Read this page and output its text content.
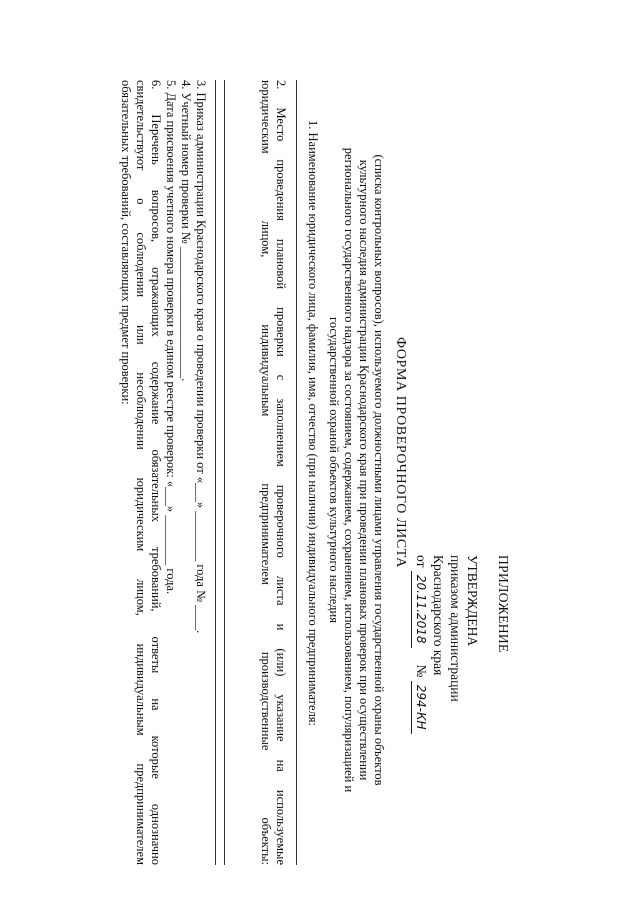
ПРИЛОЖЕНИЕ
УТВЕРЖДЕНА
приказом администрации
Краснодарского края
от 20.11.2018     № 294-КН
ФОРМА ПРОВЕРОЧНОГО ЛИСТА
(списка контрольных вопросов), используемого должностными лицами управления государственной охраны объектов
культурного наследия администрации Краснодарского края при проведении плановых проверок при осуществлении
регионального государственного надзора за состоянием, содержанием, сохранением, использованием, популяризацией и
государственной охраной объектов культурного наследия
1. Наименование юридического лица, фамилия, имя, отчество (при наличии) индивидуального предпринимателя:
2. Место проведения плановой проверки с заполнением проверочного листа и (или) указание на используемые
юридическим лицом, индивидуальным предпринимателем производственные объекты:
3. Приказ администрации Краснодарского края о проведении проверки от «___» ________ года № ____.
4. Учетный номер проверки № _____________________.
5. Дата присвоения учетного номера проверки в едином реестре проверок: «___» ________ года.
6. Перечень вопросов, отражающих содержание обязательных требований, ответы на которые однозначно
свидетельствуют о соблюдении или несоблюдении юридическим лицом, индивидуальным предпринимателем
обязательных требований, составляющих предмет проверки:
